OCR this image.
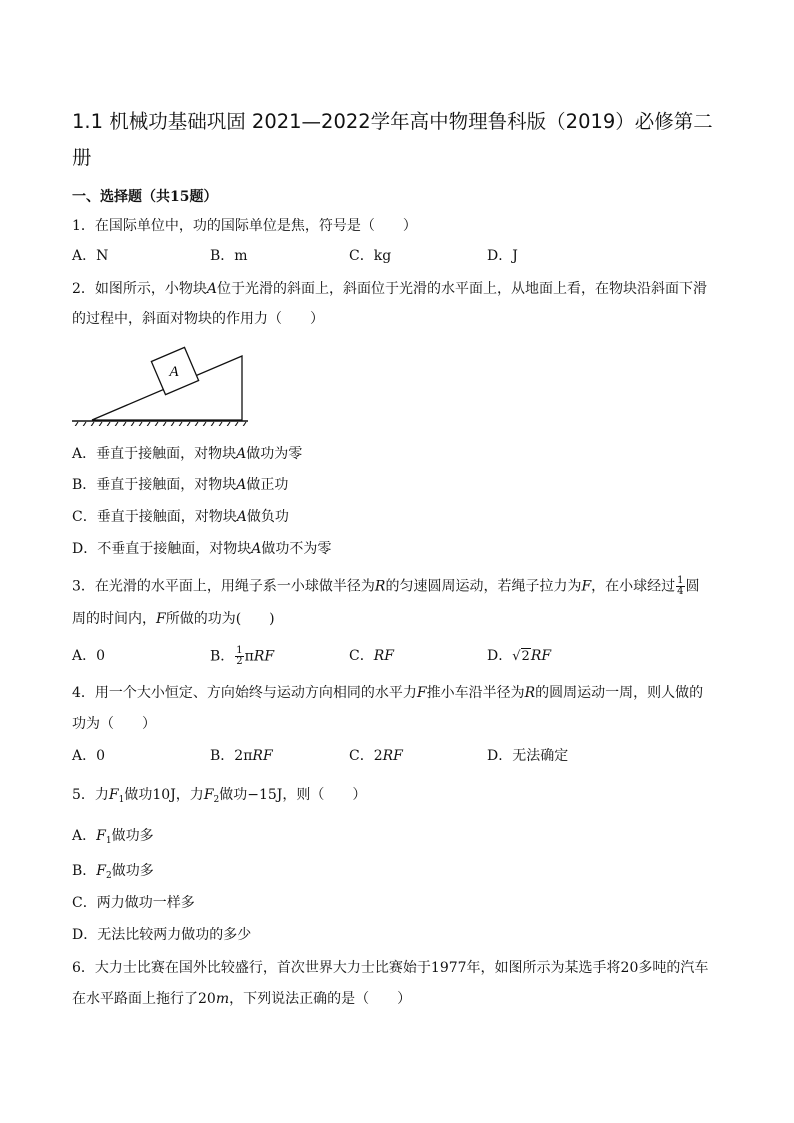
1.1 机械功基础巩固 2021—2022学年高中物理鲁科版（2019）必修第二册

一、选择题（共15题）

1．在国际单位中，功的国际单位是焦，符号是（　　）

A．N	B．m	C．kg	D．J

2．如图所示，小物块A位于光滑的斜面上，斜面位于光滑的水平面上，从地面上看，在物块沿斜面下滑

的过程中，斜面对物块的作用力（　　）

A

A．垂直于接触面，对物块A做功为零

B．垂直于接触面，对物块A做正功

C．垂直于接触面，对物块A做负功

D．不垂直于接触面，对物块A做功不为零

3．在光滑的水平面上，用绳子系一小球做半径为R的匀速圆周运动，若绳子拉力为F，在小球经过 $\frac{1}{4}$ 圆

周的时间内，F所做的功为(　　)

A．0	B． $\frac{1}{2}$ πRF	C．RF	D．√2RF

4．用一个大小恒定、方向始终与运动方向相同的水平力F推小车沿半径为R的圆周运动一周，则人做的

功为（　　）

A．0	B．2πRF	C．2RF	D．无法确定

5．力$F_1$做功10J，力$F_2$做功−15J，则（　　）

A．$F_1$做功多

B．$F_2$做功多

C．两力做功一样多

D．无法比较两力做功的多少

6．大力士比赛在国外比较盛行，首次世界大力士比赛始于1977年，如图所示为某选手将20多吨的汽车

在水平路面上拖行了20m，下列说法正确的是（　　）
